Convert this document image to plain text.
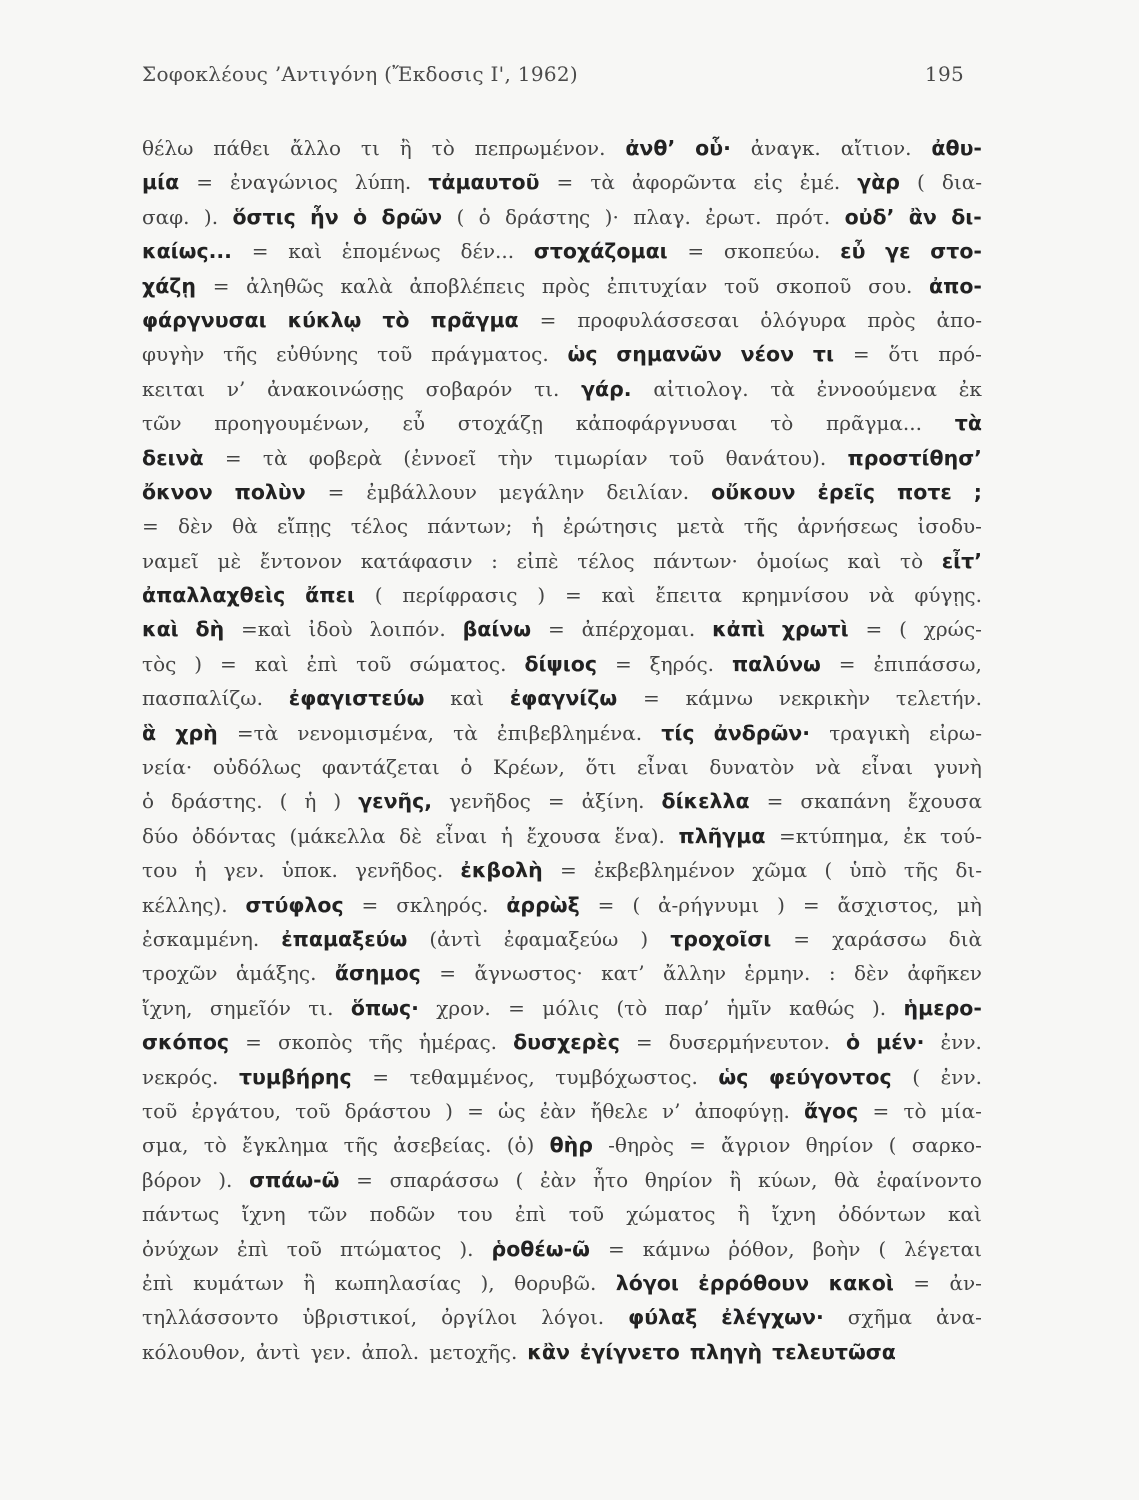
Σοφοκλέους ’Αντιγόνη (Ἔκδοσις Ι', 1962)	195
θέλω πάθει ἄλλο τι ἢ τὸ πεπρωμένον. ἀνθ’ οὗ· ἀναγκ. αἴτιον. ἀθυ-
μία = ἐναγώνιος λύπη. τἀμαυτοῦ = τὰ ἀφορῶντα εἰς ἐμέ. γὰρ ( δια-
σαφ. ). ὅστις ἦν ὁ δρῶν ( ὁ δράστης )· πλαγ. ἐρωτ. πρότ. οὐδ’ ἂν δι-
καίως... = καὶ ἑπομένως δέν... στοχάζομαι = σκοπεύω. εὖ γε στο-
χάζῃ = ἀληθῶς καλὰ ἀποβλέπεις πρὸς ἐπιτυχίαν τοῦ σκοποῦ σου. ἀπο-
φάργνυσαι κύκλῳ τὸ πρᾶγμα = προφυλάσσεσαι ὁλόγυρα πρὸς ἀπο-
φυγὴν τῆς εὐθύνης τοῦ πράγματος. ὡς σημανῶν νέον τι = ὅτι πρό-
κειται ν’ ἀνακοινώσῃς σοβαρόν τι. γάρ. αἰτιολογ. τὰ ἐννοούμενα ἐκ
τῶν προηγουμένων, εὖ στοχάζῃ κἀποφάργνυσαι τὸ πρᾶγμα... τὰ
δεινὰ = τὰ φοβερὰ (ἐννοεῖ τὴν τιμωρίαν τοῦ θανάτου). προστίθησ’
ὄκνον πολὺν = ἐμβάλλουν μεγάλην δειλίαν. οὔκουν ἐρεῖς ποτε ;
= δὲν θὰ εἴπῃς τέλος πάντων; ἡ ἐρώτησις μετὰ τῆς ἀρνήσεως ἰσοδυ-
ναμεῖ μὲ ἔντονον κατάφασιν : εἰπὲ τέλος πάντων· ὁμοίως καὶ τὸ εἶτ’
ἀπαλλαχθεὶς ἄπει ( περίφρασις ) = καὶ ἔπειτα κρημνίσου νὰ φύγῃς.
καὶ δὴ =καὶ ἰδοὺ λοιπόν. βαίνω = ἀπέρχομαι. κἀπὶ χρωτὶ = ( χρώς-
τὸς ) = καὶ ἐπὶ τοῦ σώματος. δίψιος = ξηρός. παλύνω = ἐπιπάσσω,
πασπαλίζω. ἐφαγιστεύω καὶ ἐφαγνίζω = κάμνω νεκρικὴν τελετήν.
ἃ χρὴ =τὰ νενομισμένα, τὰ ἐπιβεβλημένα. τίς ἀνδρῶν· τραγικὴ εἰρω-
νεία· οὐδόλως φαντάζεται ὁ Κρέων, ὅτι εἶναι δυνατὸν νὰ εἶναι γυνὴ
ὁ δράστης. ( ἡ ) γενῆς, γενῆδος = ἀξίνη. δίκελλα = σκαπάνη ἔχουσα
δύο ὀδόντας (μάκελλα δὲ εἶναι ἡ ἔχουσα ἕνα). πλῆγμα =κτύπημα, ἐκ τού-
του ἡ γεν. ὑποκ. γενῆδος. ἐκβολὴ = ἐκβεβλημένον χῶμα ( ὑπὸ τῆς δι-
κέλλης). στύφλος = σκληρός. ἀρρὼξ = ( ἀ-ρήγνυμι ) = ἄσχιστος, μὴ
ἐσκαμμένη. ἐπαμαξεύω (ἀντὶ ἐφαμαξεύω ) τροχοῖσι = χαράσσω διὰ
τροχῶν ἁμάξης. ἄσημος = ἄγνωστος· κατ’ ἄλλην ἑρμην. : δὲν ἀφῆκεν
ἴχνη, σημεῖόν τι. ὅπως· χρον. = μόλις (τὸ παρ’ ἡμῖν καθώς ). ἡμερο-
σκόπος = σκοπὸς τῆς ἡμέρας. δυσχερὲς = δυσερμήνευτον. ὁ μέν· ἐνν.
νεκρός. τυμβήρης = τεθαμμένος, τυμβόχωστος. ὡς φεύγοντος ( ἐνν.
τοῦ ἐργάτου, τοῦ δράστου ) = ὡς ἐὰν ἤθελε ν’ ἀποφύγῃ. ἄγος = τὸ μία-
σμα, τὸ ἔγκλημα τῆς ἀσεβείας. (ὁ) θὴρ -θηρὸς = ἄγριον θηρίον ( σαρκο-
βόρον ). σπάω-ῶ = σπαράσσω ( ἐὰν ἦτο θηρίον ἢ κύων, θὰ ἐφαίνοντο
πάντως ἴχνη τῶν ποδῶν του ἐπὶ τοῦ χώματος ἢ ἴχνη ὀδόντων καὶ
ὀνύχων ἐπὶ τοῦ πτώματος ). ῥοθέω-ῶ = κάμνω ῥόθον, βοὴν ( λέγεται
ἐπὶ κυμάτων ἢ κωπηλασίας ), θορυβῶ. λόγοι ἐρρόθουν κακοὶ = ἀν-
τηλλάσσοντο ὑβριστικοί, ὀργίλοι λόγοι. φύλαξ ἐλέγχων· σχῆμα ἀνα-
κόλουθον, ἀντὶ γεν. ἀπολ. μετοχῆς. κἂν ἐγίγνετο πληγὴ τελευτῶσα
